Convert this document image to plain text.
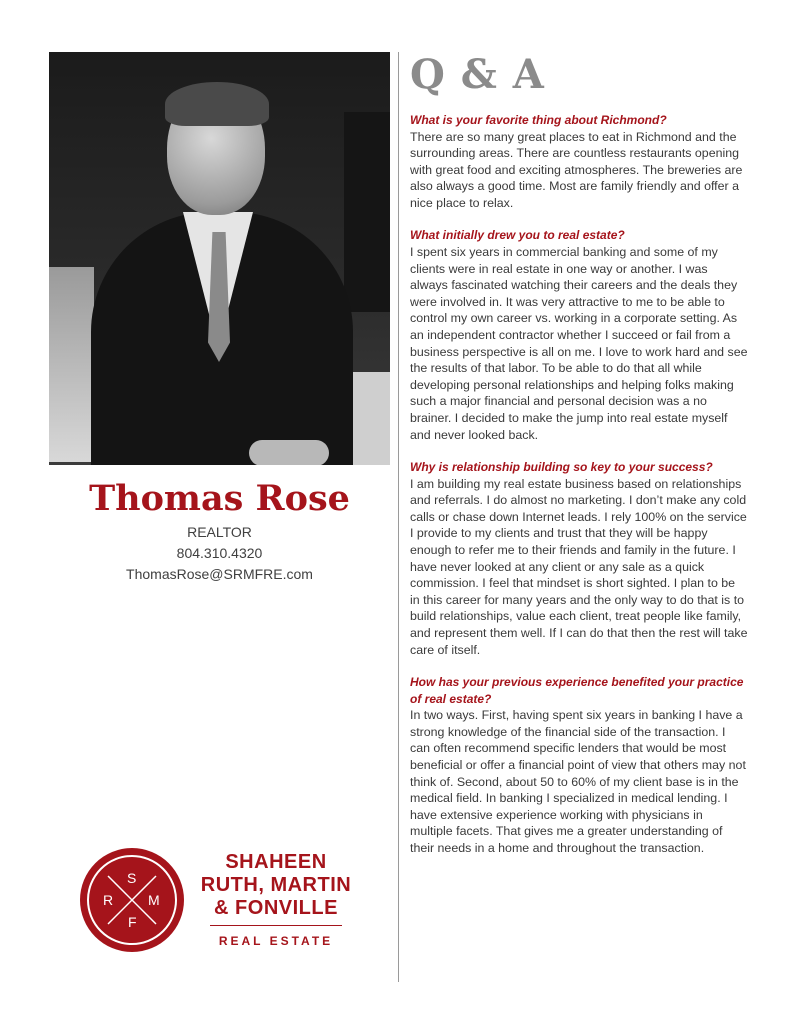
Thomas Rose

REALTOR

804.310.4320

ThomasRose@SRMFRE.com

S
R M
F

SHAHEEN

RUTH, MARTIN

& FONVILLE

REAL ESTATE

Q & A

What is your favorite thing about Richmond?

There are so many great places to eat in Richmond and the surrounding areas. There are countless restaurants opening with great food and exciting atmospheres. The breweries are also always a good time. Most are family friendly and offer a nice place to relax.

What initially drew you to real estate?

I spent six years in commercial banking and some of my clients were in real estate in one way or another. I was always fascinated watching their careers and the deals they were involved in. It was very attractive to me to be able to control my own career vs. working in a corporate setting. As an independent contractor whether I succeed or fail from a business perspective is all on me. I love to work hard and see the results of that labor. To be able to do that all while developing personal relationships and helping folks making such a major financial and personal decision was a no brainer. I decided to make the jump into real estate myself and never looked back.

Why is relationship building so key to your success?

I am building my real estate business based on relationships and referrals. I do almost no marketing. I don’t make any cold calls or chase down Internet leads. I rely 100% on the service I provide to my clients and trust that they will be happy enough to refer me to their friends and family in the future. I have never looked at any client or any sale as a quick commission. I feel that mindset is short sighted. I plan to be in this career for many years and the only way to do that is to build relationships, value each client, treat people like family, and represent them well. If I can do that then the rest will take care of itself.

How has your previous experience benefited your practice of real estate?

In two ways. First, having spent six years in banking I have a strong knowledge of the financial side of the transaction. I can often recommend specific lenders that would be most beneficial or offer a financial point of view that others may not think of. Second, about 50 to 60% of my client base is in the medical field. In banking I specialized in medical lending. I have extensive experience working with physicians in multiple facets. That gives me a greater understanding of their needs in a home and throughout the transaction.
